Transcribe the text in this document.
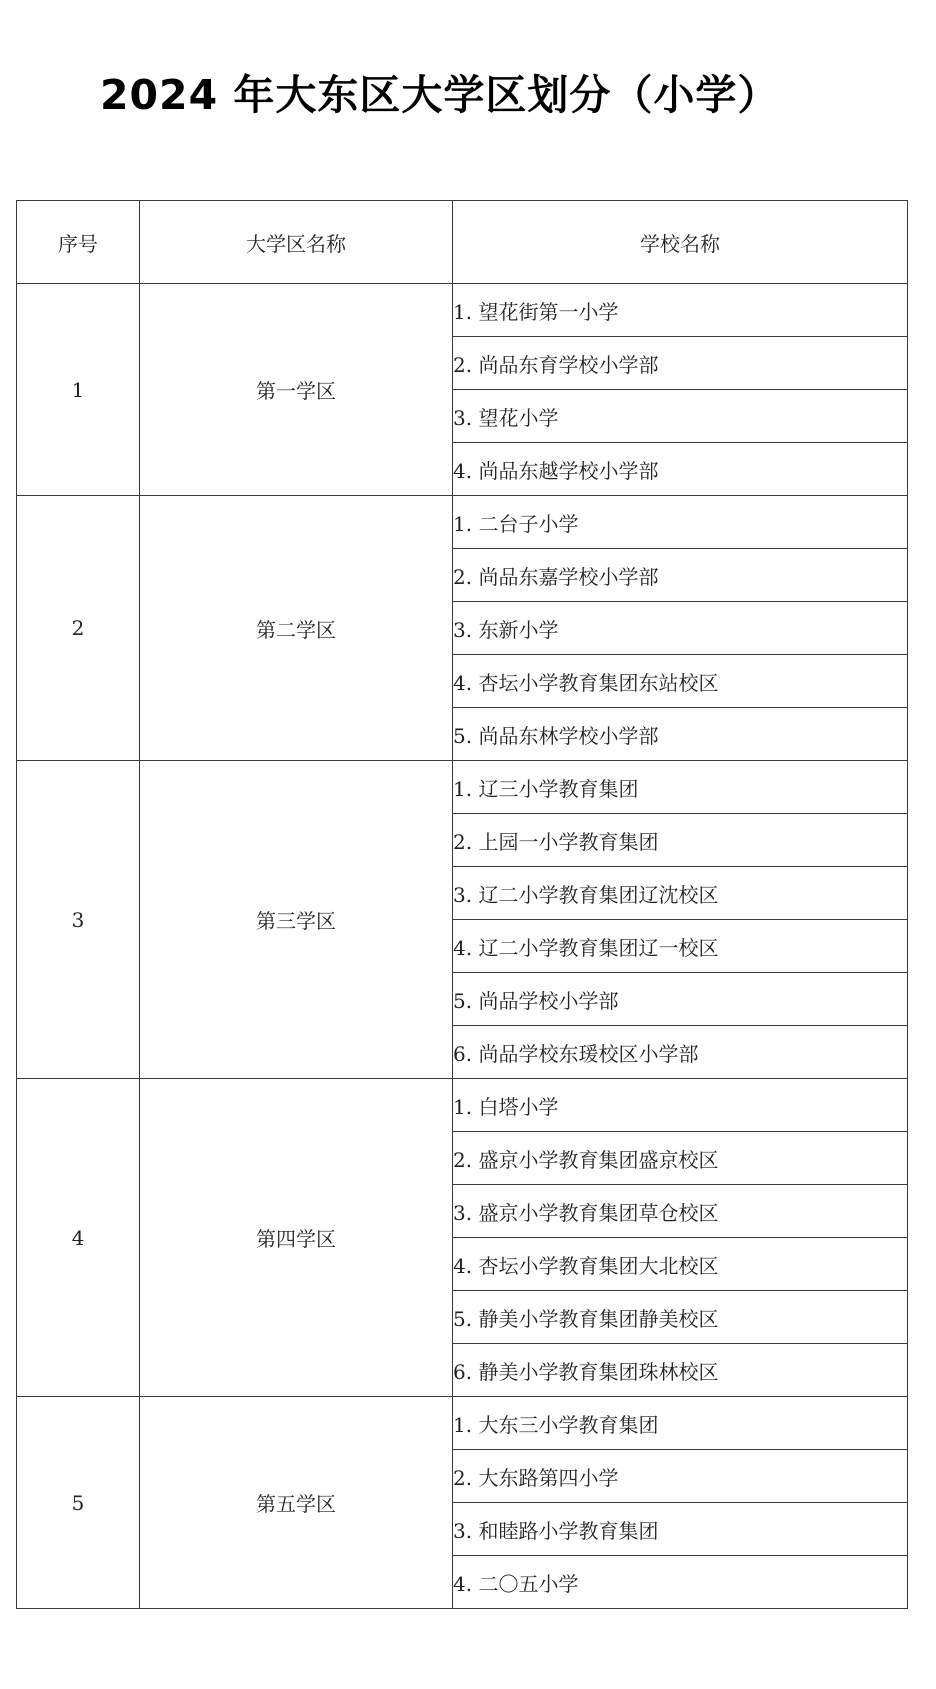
2024 年大东区大学区划分（小学）
序号	大学区名称	学校名称
1	第一学区	1. 望花街第一小学
		2. 尚品东育学校小学部
		3. 望花小学
		4. 尚品东越学校小学部
2	第二学区	1. 二台子小学
		2. 尚品东嘉学校小学部
		3. 东新小学
		4. 杏坛小学教育集团东站校区
		5. 尚品东林学校小学部
3	第三学区	1. 辽三小学教育集团
		2. 上园一小学教育集团
		3. 辽二小学教育集团辽沈校区
		4. 辽二小学教育集团辽一校区
		5. 尚品学校小学部
		6. 尚品学校东瑗校区小学部
4	第四学区	1. 白塔小学
		2. 盛京小学教育集团盛京校区
		3. 盛京小学教育集团草仓校区
		4. 杏坛小学教育集团大北校区
		5. 静美小学教育集团静美校区
		6. 静美小学教育集团珠林校区
5	第五学区	1. 大东三小学教育集团
		2. 大东路第四小学
		3. 和睦路小学教育集团
		4. 二〇五小学
